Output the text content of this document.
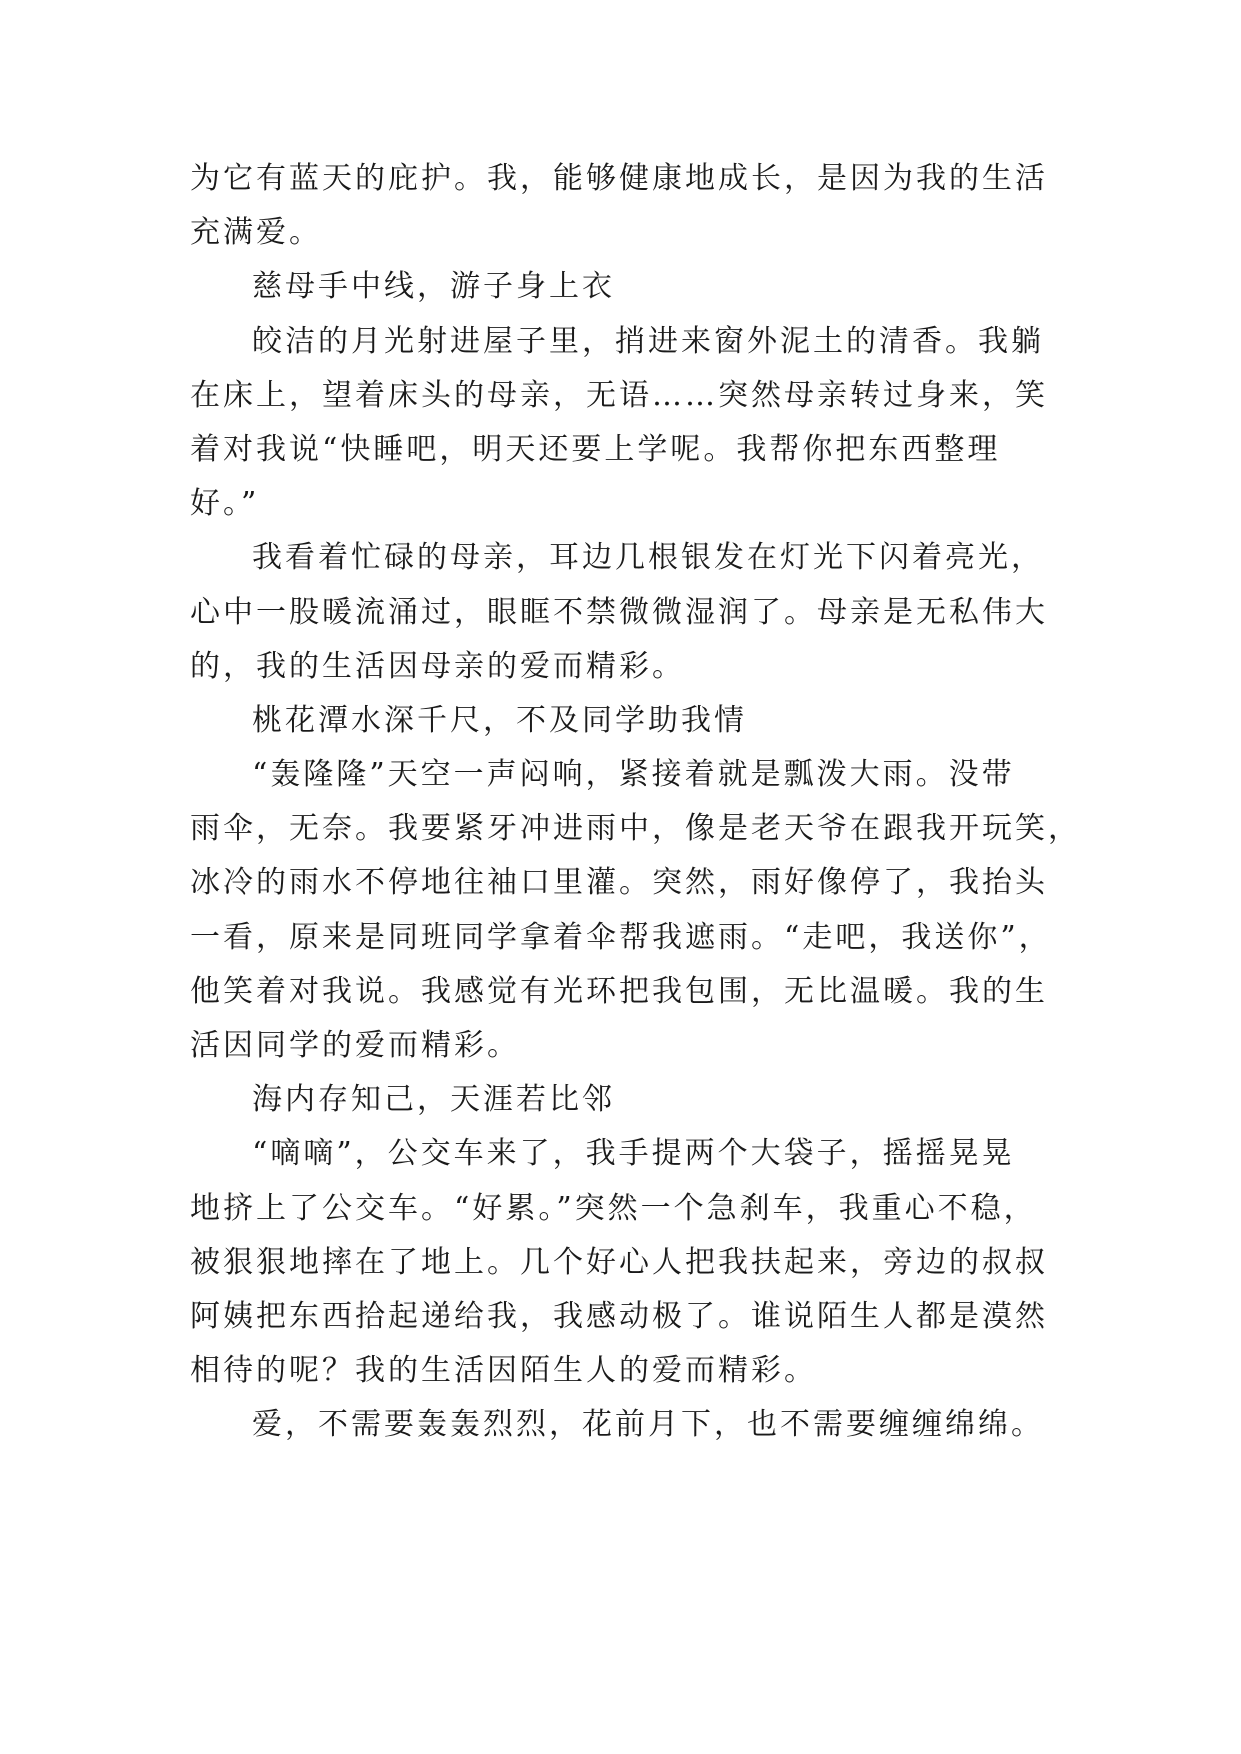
为它有蓝天的庇护。我，能够健康地成长，是因为我的生活
充满爱。
慈母手中线，游子身上衣
皎洁的月光射进屋子里，捎进来窗外泥土的清香。我躺
在床上，望着床头的母亲，无语……突然母亲转过身来，笑
着对我说“快睡吧，明天还要上学呢。我帮你把东西整理
好。”
我看着忙碌的母亲，耳边几根银发在灯光下闪着亮光，
心中一股暖流涌过，眼眶不禁微微湿润了。母亲是无私伟大
的，我的生活因母亲的爱而精彩。
桃花潭水深千尺，不及同学助我情
“轰隆隆”天空一声闷响，紧接着就是瓢泼大雨。没带
雨伞，无奈。我要紧牙冲进雨中，像是老天爷在跟我开玩笑，
冰冷的雨水不停地往袖口里灌。突然，雨好像停了，我抬头
一看，原来是同班同学拿着伞帮我遮雨。“走吧，我送你”，
他笑着对我说。我感觉有光环把我包围，无比温暖。我的生
活因同学的爱而精彩。
海内存知己，天涯若比邻
“嘀嘀”，公交车来了，我手提两个大袋子，摇摇晃晃
地挤上了公交车。“好累。”突然一个急刹车，我重心不稳，
被狠狠地摔在了地上。几个好心人把我扶起来，旁边的叔叔
阿姨把东西拾起递给我，我感动极了。谁说陌生人都是漠然
相待的呢？我的生活因陌生人的爱而精彩。
爱，不需要轰轰烈烈，花前月下，也不需要缠缠绵绵。
